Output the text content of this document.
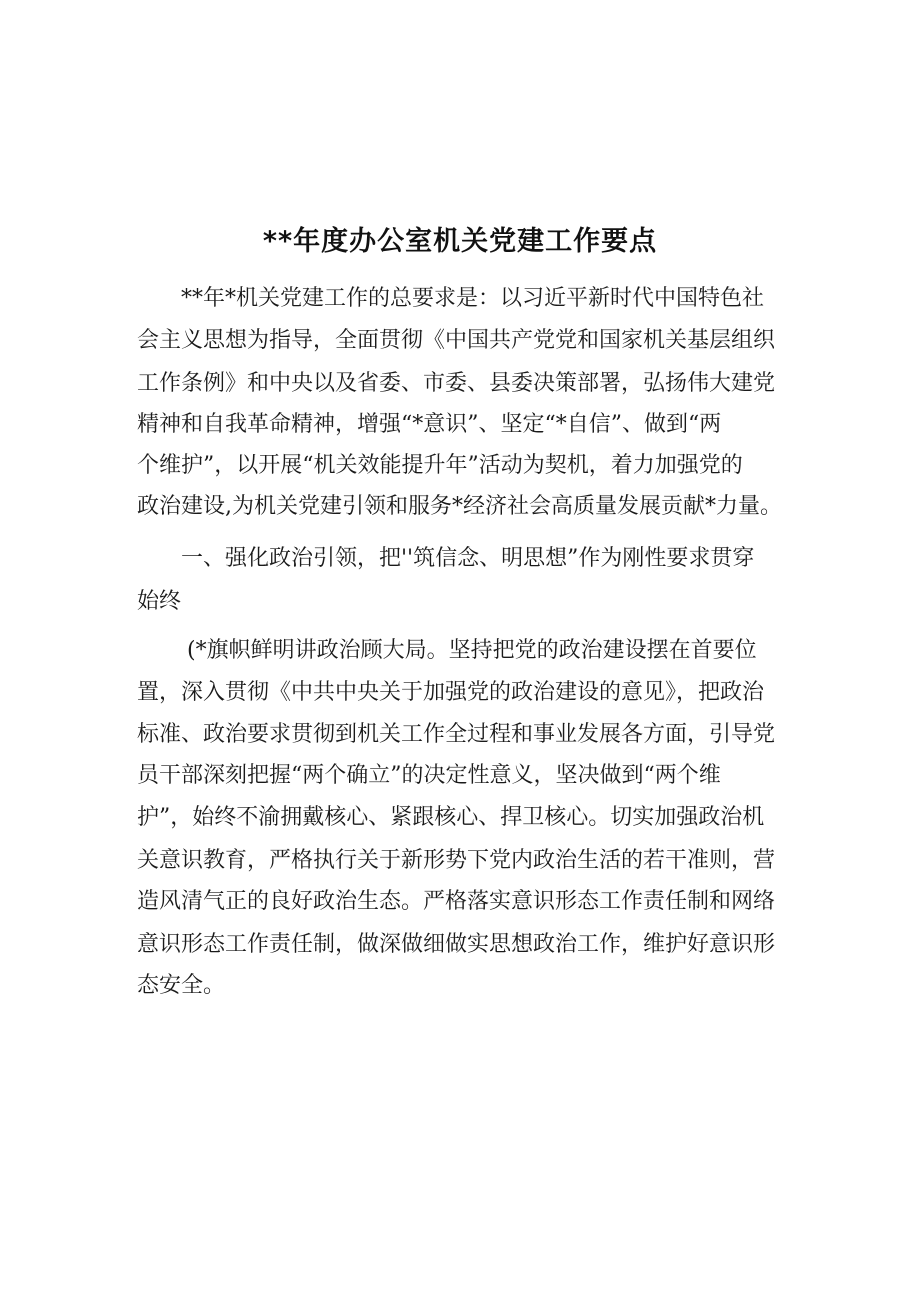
**年度办公室机关党建工作要点

**年*机关党建工作的总要求是：以习近平新时代中国特色社

会主义思想为指导，全面贯彻《中国共产党党和国家机关基层组织

工作条例》和中央以及省委、市委、县委决策部署，弘扬伟大建党

精神和自我革命精神，增强“*意识”、坚定“*自信”、做到“两

个维护”，以开展“机关效能提升年”活动为契机，着力加强党的

政治建设,为机关党建引领和服务*经济社会高质量发展贡献*力量。

一、强化政治引领，把''筑信念、明思想”作为刚性要求贯穿

始终

(*旗帜鲜明讲政治顾大局。坚持把党的政治建设摆在首要位

置，深入贯彻《中共中央关于加强党的政治建设的意见》，把政治

标准、政治要求贯彻到机关工作全过程和事业发展各方面，引导党

员干部深刻把握“两个确立”的决定性意义，坚决做到“两个维

护”，始终不渝拥戴核心、紧跟核心、捍卫核心。切实加强政治机

关意识教育，严格执行关于新形势下党内政治生活的若干准则，营

造风清气正的良好政治生态。严格落实意识形态工作责任制和网络

意识形态工作责任制，做深做细做实思想政治工作，维护好意识形

态安全。
